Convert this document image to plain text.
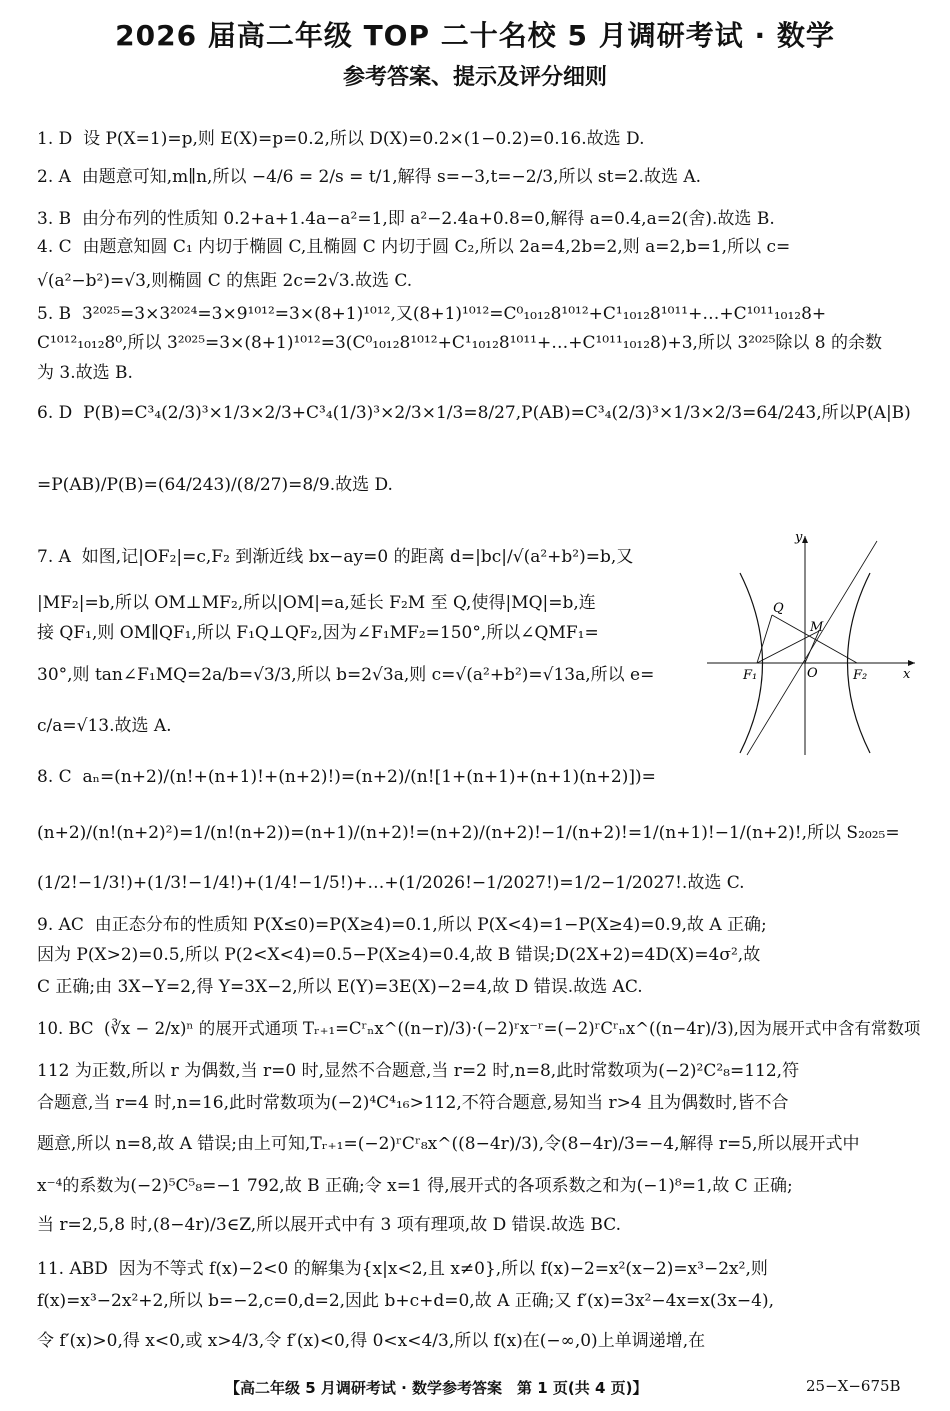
2026 届高二年级 TOP 二十名校 5 月调研考试 · 数学
参考答案、提示及评分细则
1. D 设 P(X=1)=p,则 E(X)=p=0.2,所以 D(X)=0.2×(1−0.2)=0.16.故选 D.
2. A 由题意可知,m∥n,所以 −4/6 = 2/s = t/1,解得 s=−3,t=−2/3,所以 st=2.故选 A.
3. B 由分布列的性质知 0.2+a+1.4a−a²=1,即 a²−2.4a+0.8=0,解得 a=0.4,a=2(舍).故选 B.
4. C 由题意知圆 C₁ 内切于椭圆 C,且椭圆 C 内切于圆 C₂,所以 2a=4,2b=2,则 a=2,b=1,所以 c=
√(a²−b²)=√3,则椭圆 C 的焦距 2c=2√3.故选 C.
5. B 3²⁰²⁵=3×3²⁰²⁴=3×9¹⁰¹²=3×(8+1)¹⁰¹²,又(8+1)¹⁰¹²=C⁰₁₀₁₂8¹⁰¹²+C¹₁₀₁₂8¹⁰¹¹+…+C¹⁰¹¹₁₀₁₂8+
C¹⁰¹²₁₀₁₂8⁰,所以 3²⁰²⁵=3×(8+1)¹⁰¹²=3(C⁰₁₀₁₂8¹⁰¹²+C¹₁₀₁₂8¹⁰¹¹+…+C¹⁰¹¹₁₀₁₂8)+3,所以 3²⁰²⁵除以 8 的余数
为 3.故选 B.
6. D P(B)=C³₄(2/3)³×1/3×2/3+C³₄(1/3)³×2/3×1/3=8/27,P(AB)=C³₄(2/3)³×1/3×2/3=64/243,所以P(A|B)
=P(AB)/P(B)=(64/243)/(8/27)=8/9.故选 D.
7. A 如图,记|OF₂|=c,F₂ 到渐近线 bx−ay=0 的距离 d=|bc|/√(a²+b²)=b,又
|MF₂|=b,所以 OM⊥MF₂,所以|OM|=a,延长 F₂M 至 Q,使得|MQ|=b,连
接 QF₁,则 OM∥QF₁,所以 F₁Q⊥QF₂,因为∠F₁MF₂=150°,所以∠QMF₁=
30°,则 tan∠F₁MQ=2a/b=√3/3,所以 b=2√3a,则 c=√(a²+b²)=√13a,所以 e=
c/a=√13.故选 A.
y
x
O
F₁	F₂
M
Q
8. C aₙ=(n+2)/(n!+(n+1)!+(n+2)!)=(n+2)/(n![1+(n+1)+(n+1)(n+2)])=
(n+2)/(n!(n+2)²)=1/(n!(n+2))=(n+1)/(n+2)!=(n+2)/(n+2)!−1/(n+2)!=1/(n+1)!−1/(n+2)!,所以 S₂₀₂₅=
(1/2!−1/3!)+(1/3!−1/4!)+(1/4!−1/5!)+…+(1/2026!−1/2027!)=1/2−1/2027!.故选 C.
9. AC 由正态分布的性质知 P(X≤0)=P(X≥4)=0.1,所以 P(X<4)=1−P(X≥4)=0.9,故 A 正确;
因为 P(X>2)=0.5,所以 P(2<X<4)=0.5−P(X≥4)=0.4,故 B 错误;D(2X+2)=4D(X)=4σ²,故
C 正确;由 3X−Y=2,得 Y=3X−2,所以 E(Y)=3E(X)−2=4,故 D 错误.故选 AC.
10. BC (∛x − 2/x)ⁿ 的展开式通项 Tᵣ₊₁=Cʳₙx^((n−r)/3)·(−2)ʳx⁻ʳ=(−2)ʳCʳₙx^((n−4r)/3),因为展开式中含有常数项
112 为正数,所以 r 为偶数,当 r=0 时,显然不合题意,当 r=2 时,n=8,此时常数项为(−2)²C²₈=112,符
合题意,当 r=4 时,n=16,此时常数项为(−2)⁴C⁴₁₆>112,不符合题意,易知当 r>4 且为偶数时,皆不合
题意,所以 n=8,故 A 错误;由上可知,Tᵣ₊₁=(−2)ʳCʳ₈x^((8−4r)/3),令(8−4r)/3=−4,解得 r=5,所以展开式中
x⁻⁴的系数为(−2)⁵C⁵₈=−1 792,故 B 正确;令 x=1 得,展开式的各项系数之和为(−1)⁸=1,故 C 正确;
当 r=2,5,8 时,(8−4r)/3∈Z,所以展开式中有 3 项有理项,故 D 错误.故选 BC.
11. ABD 因为不等式 f(x)−2<0 的解集为{x|x<2,且 x≠0},所以 f(x)−2=x²(x−2)=x³−2x²,则
f(x)=x³−2x²+2,所以 b=−2,c=0,d=2,因此 b+c+d=0,故 A 正确;又 f′(x)=3x²−4x=x(3x−4),
令 f′(x)>0,得 x<0,或 x>4/3,令 f′(x)<0,得 0<x<4/3,所以 f(x)在(−∞,0)上单调递增,在
【高二年级 5 月调研考试 · 数学参考答案　第 1 页(共 4 页)】	25−X−675B
